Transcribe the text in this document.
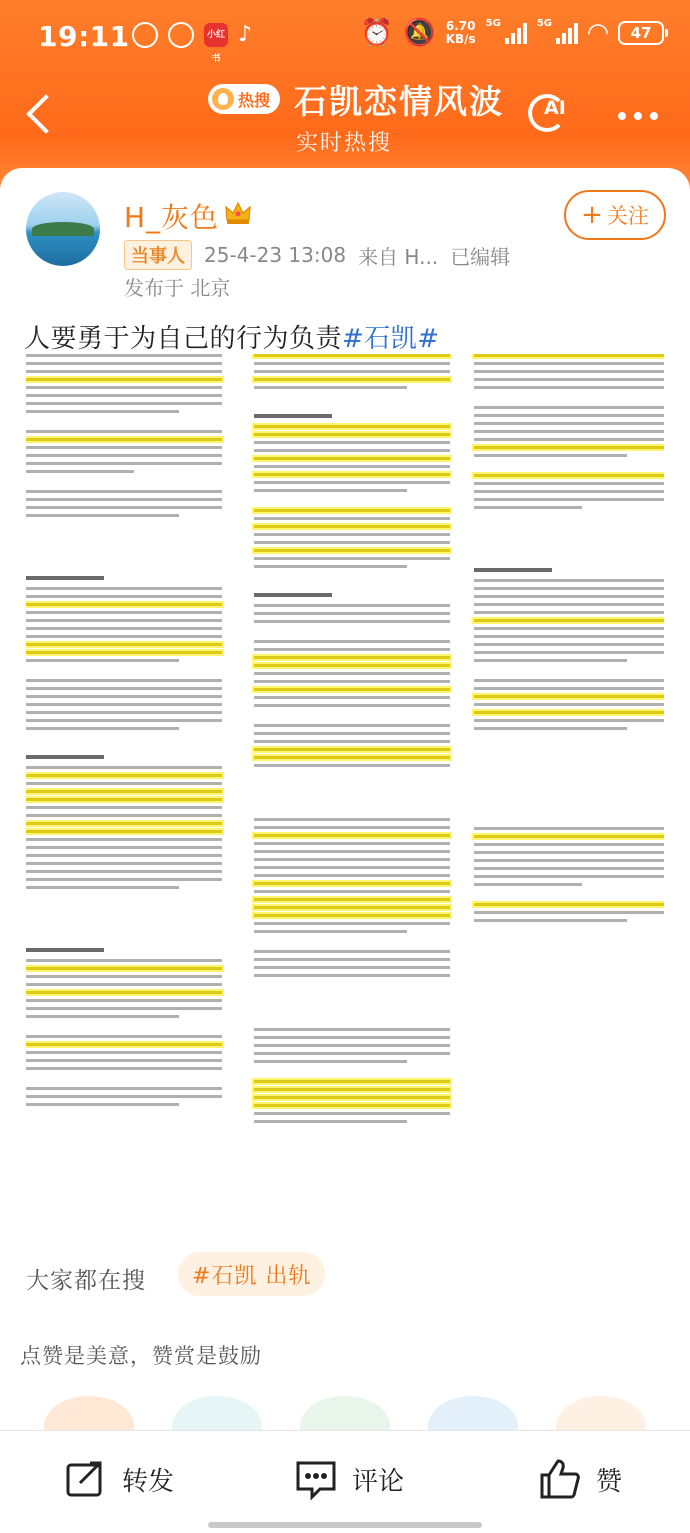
19:11	小红书
♪	⏰ 🔕 6.70
KB/s
5G	5G ◠	47
热搜 石凯恋情风波
实时热搜
AI
H_灰色	+ 关注
当事人 25-4-23 13:08 来自 H... 已编辑
发布于 北京
人要勇于为自己的行为负责#石凯#
大家都在搜	#石凯 出轨
点赞是美意，赞赏是鼓励
转发	评论	赞
